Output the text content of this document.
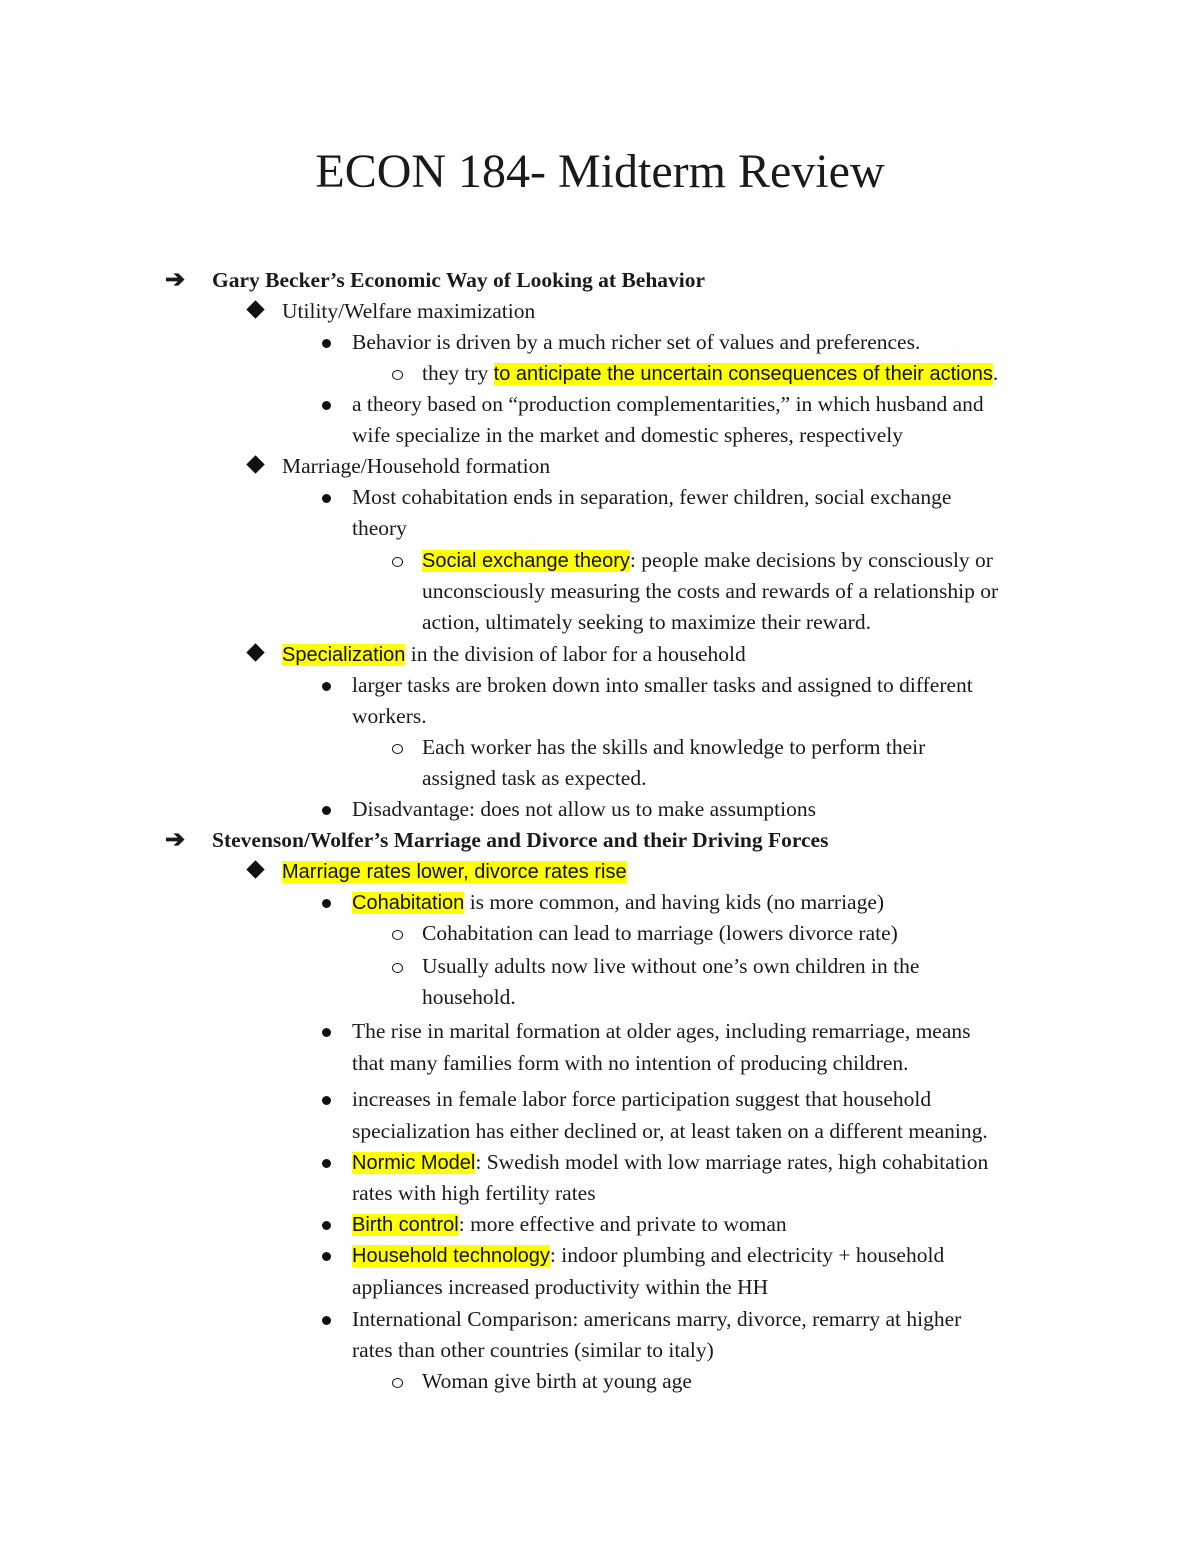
ECON 184- Midterm Review
➔ Gary Becker’s Economic Way of Looking at Behavior
Utility/Welfare maximization
Behavior is driven by a much richer set of values and preferences.
they try to anticipate the uncertain consequences of their actions.
a theory based on “production complementarities,” in which husband and
wife specialize in the market and domestic spheres, respectively
Marriage/Household formation
Most cohabitation ends in separation, fewer children, social exchange
theory
Social exchange theory: people make decisions by consciously or
unconsciously measuring the costs and rewards of a relationship or
action, ultimately seeking to maximize their reward.
Specialization in the division of labor for a household
larger tasks are broken down into smaller tasks and assigned to different
workers.
Each worker has the skills and knowledge to perform their
assigned task as expected.
Disadvantage: does not allow us to make assumptions
➔ Stevenson/Wolfer’s Marriage and Divorce and their Driving Forces
Marriage rates lower, divorce rates rise
Cohabitation is more common, and having kids (no marriage)
Cohabitation can lead to marriage (lowers divorce rate)
Usually adults now live without one’s own children in the
household.
The rise in marital formation at older ages, including remarriage, means
that many families form with no intention of producing children.
increases in female labor force participation suggest that household
specialization has either declined or, at least taken on a different meaning.
Normic Model: Swedish model with low marriage rates, high cohabitation
rates with high fertility rates
Birth control: more effective and private to woman
Household technology: indoor plumbing and electricity + household
appliances increased productivity within the HH
International Comparison: americans marry, divorce, remarry at higher
rates than other countries (similar to italy)
Woman give birth at young age
